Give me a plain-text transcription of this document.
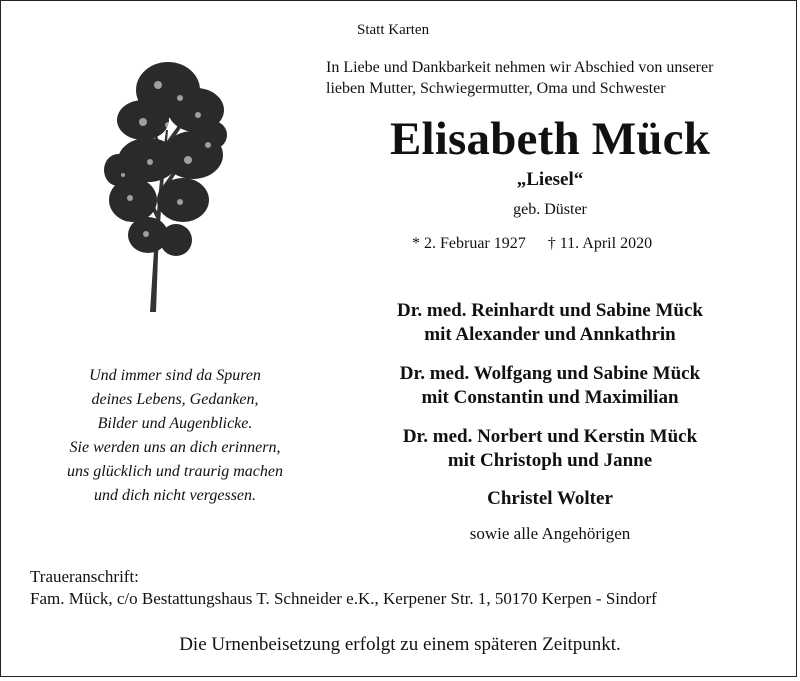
Statt Karten
In Liebe und Dankbarkeit nehmen wir Abschied von unserer
lieben Mutter, Schwiegermutter, Oma und Schwester
Elisabeth Mück
„Liesel“
geb. Düster
* 2. Februar 1927 † 11. April 2020
Und immer sind da Spuren
deines Lebens, Gedanken,
Bilder und Augenblicke.
Sie werden uns an dich erinnern,
uns glücklich und traurig machen
und dich nicht vergessen.
Dr. med. Reinhardt und Sabine Mück
mit Alexander und Annkathrin
Dr. med. Wolfgang und Sabine Mück
mit Constantin und Maximilian
Dr. med. Norbert und Kerstin Mück
mit Christoph und Janne
Christel Wolter
sowie alle Angehörigen
Traueranschrift:
Fam. Mück, c/o Bestattungshaus T. Schneider e.K., Kerpener Str. 1, 50170 Kerpen - Sindorf
Die Urnenbeisetzung erfolgt zu einem späteren Zeitpunkt.
